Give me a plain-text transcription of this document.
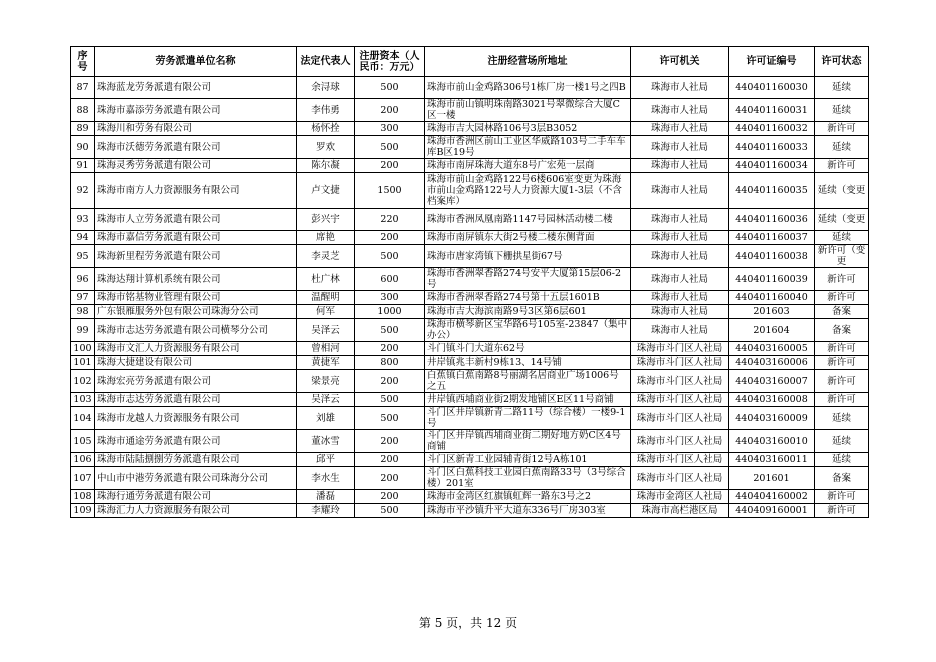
序号	劳务派遣单位名称	法定代表人	注册资本（人民币：万元）	注册经营场所地址	许可机关	许可证编号	许可状态
87	珠海蓝龙劳务派遣有限公司	余浔球	500	珠海市前山金鸡路306号1栋厂房一楼1号之四B	珠海市人社局	440401160030	延续
88	珠海市嘉添劳务派遣有限公司	李伟勇	200	珠海市前山镇明珠南路3021号翠微综合大厦C区一楼	珠海市人社局	440401160031	延续
89	珠海川和劳务有限公司	杨怀拴	300	珠海市吉大园林路106号3层B3052	珠海市人社局	440401160032	新许可
90	珠海市沃德劳务派遣有限公司	罗欢	500	珠海市香洲区前山工业区华威路103号二手车车库B区19号	珠海市人社局	440401160033	延续
91	珠海灵秀劳务派遣有限公司	陈尔凝	200	珠海市南屏珠海大道东8号广宏苑一层商	珠海市人社局	440401160034	新许可
92	珠海市南方人力资源服务有限公司	卢文捷	1500	珠海市前山金鸡路122号6楼606室变更为珠海市前山金鸡路122号人力资源大厦1-3层（不含档案库）	珠海市人社局	440401160035	延续（变更
93	珠海市人立劳务派遣有限公司	彭兴宇	220	珠海市香洲凤凰南路1147号园林活动楼二楼	珠海市人社局	440401160036	延续（变更
94	珠海市嘉信劳务派遣有限公司	席艳	200	珠海市南屏镇东大街2号楼二楼东侧背面	珠海市人社局	440401160037	延续
95	珠海新里程劳务派遣有限公司	李灵芝	500	珠海市唐家湾镇下栅拱星街67号	珠海市人社局	440401160038	新许可（变更
96	珠海达翔计算机系统有限公司	杜广林	600	珠海市香洲翠香路274号安平大厦第15层06-2号	珠海市人社局	440401160039	新许可
97	珠海市铭基物业管理有限公司	温醒明	300	珠海市香洲翠香路274号第十五层1601B	珠海市人社局	440401160040	新许可
98	广东银雁服务外包有限公司珠海分公司	何军	1000	珠海市吉大海滨南路9号3区第6层601	珠海市人社局	201603	备案
99	珠海市志达劳务派遣有限公司横琴分公司	吴泽云	500	珠海市横琴新区宝华路6号105室-23847（集中办公）	珠海市人社局	201604	备案
100	珠海市文汇人力资源服务有限公司	曾相河	200	斗门镇斗门大道东62号	珠海市斗门区人社局	440403160005	新许可
101	珠海大捷建设有限公司	黄捷军	800	井岸镇兆丰新村9栋13、14号铺	珠海市斗门区人社局	440403160006	新许可
102	珠海宏亮劳务派遣有限公司	梁景亮	200	白蕉镇白蕉南路8号丽湖名居商业广场1006号之五	珠海市斗门区人社局	440403160007	新许可
103	珠海市志达劳务派遣有限公司	吴泽云	500	井岸镇西埔商业街2期发地铺区E区11号商铺	珠海市斗门区人社局	440403160008	新许可
104	珠海市龙越人力资源服务有限公司	刘雄	500	斗门区井岸镇新青二路11号（综合楼）一楼9-1号	珠海市斗门区人社局	440403160009	延续
105	珠海市通途劳务派遣有限公司	董冰雪	200	斗门区井岸镇西埔商业街二期好地方奶C区4号商铺	珠海市斗门区人社局	440403160010	延续
106	珠海市陆陆捌捌劳务派遣有限公司	邱平	200	斗门区新青工业园辅青街12号A栋101	珠海市斗门区人社局	440403160011	延续
107	中山市中港劳务派遣有限公司珠海分公司	李水生	200	斗门区白蕉科技工业园白蕉南路33号（3号综合楼）201室	珠海市斗门区人社局	201601	备案
108	珠海行通劳务派遣有限公司	潘磊	200	珠海市金湾区红旗镇虹辉一路东3号之2	珠海市金湾区人社局	440404160002	新许可
109	珠海汇力人力资源服务有限公司	李耀玲	500	珠海市平沙镇升平大道东336号厂房303室	珠海市高栏港区局	440409160001	新许可
第 5 页，共 12 页
